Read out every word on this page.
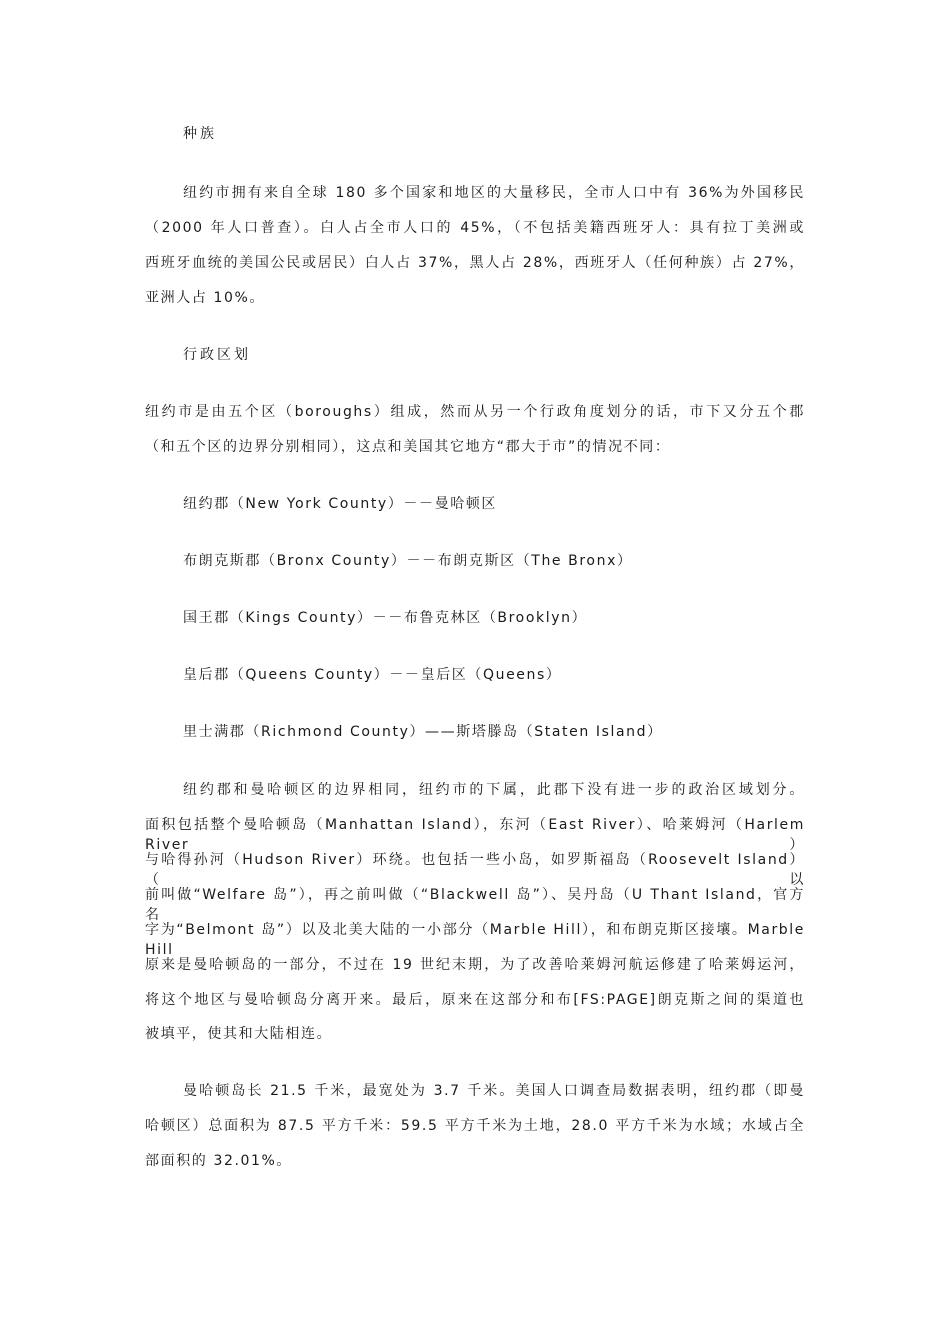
种族
纽约市拥有来自全球 180 多个国家和地区的大量移民，全市人口中有 36%为外国移民
（2000 年人口普查）。白人占全市人口的 45%，（不包括美籍西班牙人：具有拉丁美洲或
西班牙血统的美国公民或居民）白人占 37%，黑人占 28%，西班牙人（任何种族）占 27%，
亚洲人占 10%。
行政区划
纽约市是由五个区（boroughs）组成，然而从另一个行政角度划分的话，市下又分五个郡
（和五个区的边界分别相同），这点和美国其它地方“郡大于市”的情况不同：
纽约郡（New York County）－－曼哈顿区
布朗克斯郡（Bronx County）－－布朗克斯区（The Bronx）
国王郡（Kings County）－－布鲁克林区（Brooklyn）
皇后郡（Queens County）－－皇后区（Queens）
里士满郡（Richmond County）——斯塔滕岛（Staten Island）
纽约郡和曼哈顿区的边界相同，纽约市的下属，此郡下没有进一步的政治区域划分。
面积包括整个曼哈顿岛（Manhattan Island），东河（East River）、哈莱姆河（Harlem River）
与哈得孙河（Hudson River）环绕。也包括一些小岛，如罗斯福岛（Roosevelt Island）（以
前叫做“Welfare 岛”），再之前叫做（“Blackwell 岛”）、吴丹岛（U Thant Island，官方名
字为“Belmont 岛”）以及北美大陆的一小部分（Marble Hill），和布朗克斯区接壤。Marble Hill
原来是曼哈顿岛的一部分，不过在 19 世纪末期，为了改善哈莱姆河航运修建了哈莱姆运河，
将这个地区与曼哈顿岛分离开来。最后，原来在这部分和布[FS:PAGE]朗克斯之间的渠道也
被填平，使其和大陆相连。
曼哈顿岛长 21.5 千米，最宽处为 3.7 千米。美国人口调查局数据表明，纽约郡（即曼
哈顿区）总面积为 87.5 平方千米：59.5 平方千米为土地，28.0 平方千米为水域；水域占全
部面积的 32.01%。
